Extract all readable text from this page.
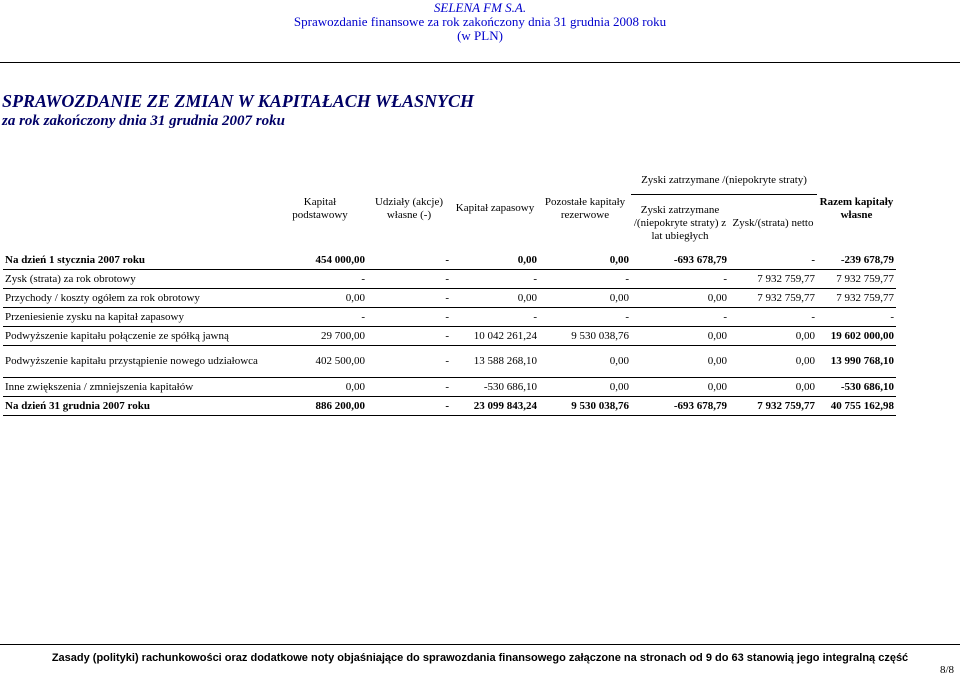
SELENA FM S.A.
Sprawozdanie finansowe za rok zakończony dnia 31 grudnia 2008 roku
(w PLN)
SPRAWOZDANIE ZE ZMIAN W KAPITAŁACH WŁASNYCH
za rok zakończony dnia 31 grudnia 2007 roku
	Kapitał podstawowy	Udziały (akcje) własne (-)	Kapitał zapasowy	Pozostałe kapitały rezerwowe	Zyski zatrzymane /(niepokryte straty)		Razem kapitały własne
					Zyski zatrzymane /(niepokryte straty) z lat ubiegłych	Zysk/(strata) netto	

Na dzień 1 stycznia 2007 roku	454 000,00	-	0,00	0,00	-693 678,79	-	-239 678,79
Zysk (strata) za rok obrotowy	-	-	-	-	-	7 932 759,77	7 932 759,77
Przychody / koszty ogółem za rok obrotowy	0,00	-	0,00	0,00	0,00	7 932 759,77	7 932 759,77
Przeniesienie zysku na kapitał zapasowy	-	-	-	-	-	-	-
Podwyższenie kapitału połączenie ze spółką jawną	29 700,00	-	10 042 261,24	9 530 038,76	0,00	0,00	19 602 000,00
Podwyższenie kapitału przystąpienie nowego udziałowca	402 500,00	-	13 588 268,10	0,00	0,00	0,00	13 990 768,10
Inne zwiększenia / zmniejszenia kapitałów	0,00	-	-530 686,10	0,00	0,00	0,00	-530 686,10
Na dzień 31 grudnia 2007 roku	886 200,00	-	23 099 843,24	9 530 038,76	-693 678,79	7 932 759,77	40 755 162,98
Zasady (polityki) rachunkowości oraz dodatkowe noty objaśniające do sprawozdania finansowego załączone na stronach od 9 do 63 stanowią jego integralną część
8/8
